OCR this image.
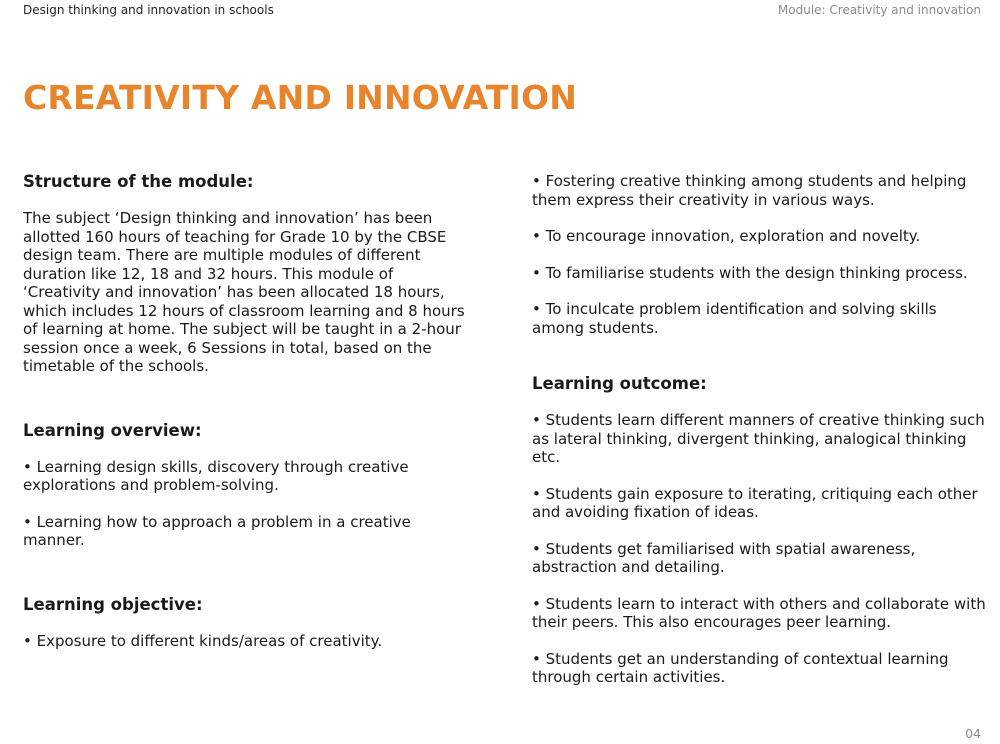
Design thinking and innovation in schools	Module: Creativity and innovation
CREATIVITY AND INNOVATION
Structure of the module:

The subject ‘Design thinking and innovation’ has been allotted 160 hours of teaching for Grade 10 by the CBSE design team. There are multiple modules of different duration like 12, 18 and 32 hours. This module of ‘Creativity and innovation’ has been allocated 18 hours, which includes 12 hours of classroom learning and 8 hours of learning at home. The subject will be taught in a 2-hour session once a week, 6 Sessions in total, based on the timetable of the schools.

Learning overview:

• Learning design skills, discovery through creative explorations and problem-solving.

• Learning how to approach a problem in a creative manner.

Learning objective:

• Exposure to different kinds/areas of creativity.

• Fostering creative thinking among students and helping them express their creativity in various ways.

• To encourage innovation, exploration and novelty.

• To familiarise students with the design thinking process.

• To inculcate problem identification and solving skills among students.

Learning outcome:

• Students learn different manners of creative thinking such as lateral thinking, divergent thinking, analogical thinking etc.

• Students gain exposure to iterating, critiquing each other and avoiding fixation of ideas.

• Students get familiarised with spatial awareness, abstraction and detailing.

• Students learn to interact with others and collaborate with their peers. This also encourages peer learning.

• Students get an understanding of contextual learning through certain activities.

04
